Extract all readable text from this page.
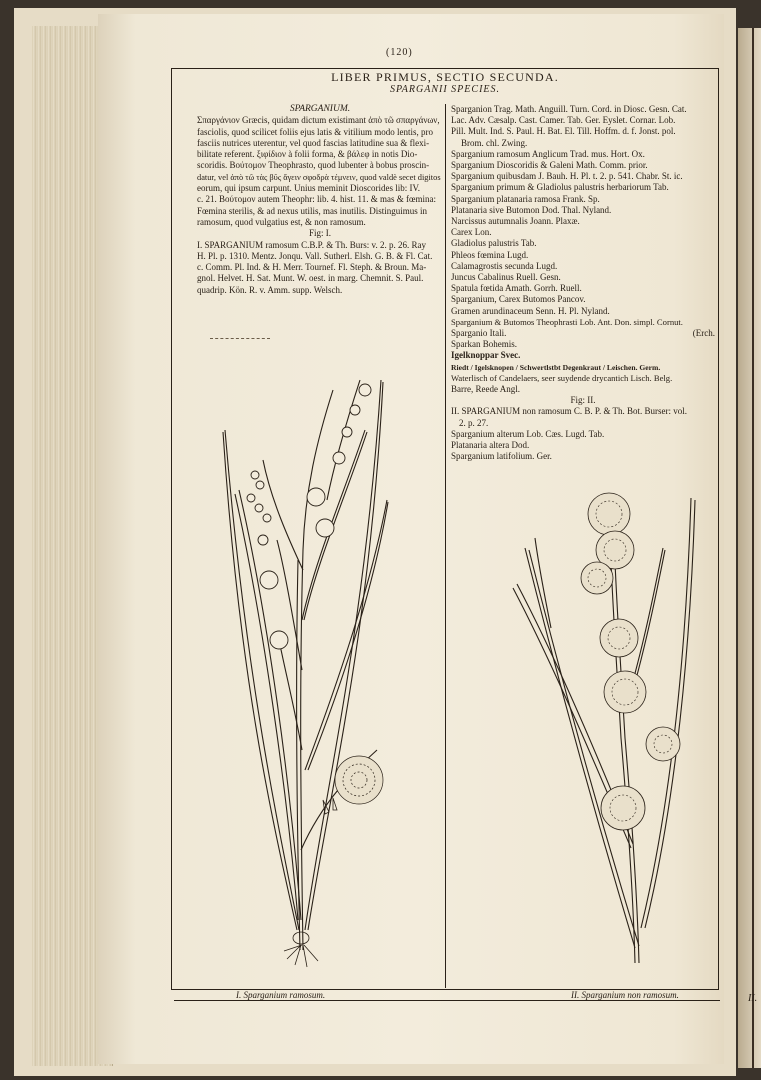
II.
(120)
LIBER PRIMUS, SECTIO SECUNDA.
SPARGANII SPECIES.
SPARGANIUM.
Σπαργάνιον Græcis, quidam dictum existimant ἀπὸ τῶ σπαργάνων,
fasciolis, quod scilicet foliis ejus latis & vitilium modo lentis, pro
fasciis nutrices uterentur, vel quod fascias latitudine sua & flexi-
bilitate referent. ξιφίδιον à folii forma, & βάλεφ in notis Dio-
scoridis. Βούτομον Theophrasto, quod lubenter à bobus proscin-
datur, vel ἀπὸ τῶ τὰς βῦς ἄγειν σφοδρὰ τέμνειν, quod valdè secet digitos
eorum, qui ipsum carpunt. Unius meminit Dioscorides lib: IV.
c. 21. Βούτομον autem Theophr: lib. 4. hist. 11. & mas & fœmina:
Fœmina sterilis, & ad nexus utilis, mas inutilis. Distinguimus in
ramosum, quod vulgatius est, & non ramosum.
Fig: I.
I. SPARGANIUM ramosum C.B.P. & Th. Burs: v. 2. p. 26. Ray
H. Pl. p. 1310. Mentz. Jonqu. Vall. Sutherl. Elsh. G. B. & Fl. Cat.
c. Comm. Pl. Ind. & H. Merr. Tournef. Fl. Steph. & Broun. Ma-
gnol. Helvet. H. Sat. Munt. W. oest. in marg. Chemnit. S. Paul.
quadrip. Kön. R. v. Amm. supp. Welsch.
Sparganion Trag. Math. Anguill. Turn. Cord. in Diosc. Gesn. Cat.
Lac. Adv. Cæsalp. Cast. Camer. Tab. Ger. Eyslet. Cornar. Lob.
Pill. Mult. Ind. S. Paul. H. Bat. El. Till. Hoffm. d. f. Jonst. pol.
Brom. chl. Zwing.
Sparganium ramosum Anglicum Trad. mus. Hort. Ox.
Sparganium Dioscoridis & Galeni Math. Comm. prior.
Sparganium quibusdam J. Bauh. H. Pl. t. 2. p. 541. Chabr. St. ic.
Sparganium primum & Gladiolus palustris herbariorum Tab.
Sparganium platanaria ramosa Frank. Sp.
Platanaria sive Butomon Dod. Thal. Nyland.
Narcissus autumnalis Joann. Plaxæ.
Carex Lon.
Gladiolus palustris Tab.
Phleos fœmina Lugd.
Calamagrostis secunda Lugd.
Juncus Cabalinus Ruell. Gesn.
Spatula fœtida Amath. Gorrh. Ruell.
Sparganium, Carex Butomos Pancov.
Gramen arundinaceum Senn. H. Pl. Nyland.
Sparganium & Butomos Theophrasti Lob. Ant. Don. simpl. Cornut.
Sparganio Itali.	(Erch.
Sparkan Bohemis.
Igelknoppar Svec.
Riedt / Igelsknopen / Schwertlstbt Degenkraut / Leischen. Germ.
Waterlisch of Candelaers, seer suydende drycantich Lisch. Belg.
Barre, Reede Angl.
Fig: II.
II. SPARGANIUM non ramosum C. B. P. & Th. Bot. Burser: vol.
2. p. 27.
Sparganium alterum Lob. Cæs. Lugd. Tab.
Platanaria altera Dod.
Sparganium latifolium. Ger.
I. Sparganium ramosum.	II. Sparganium non ramosum.
